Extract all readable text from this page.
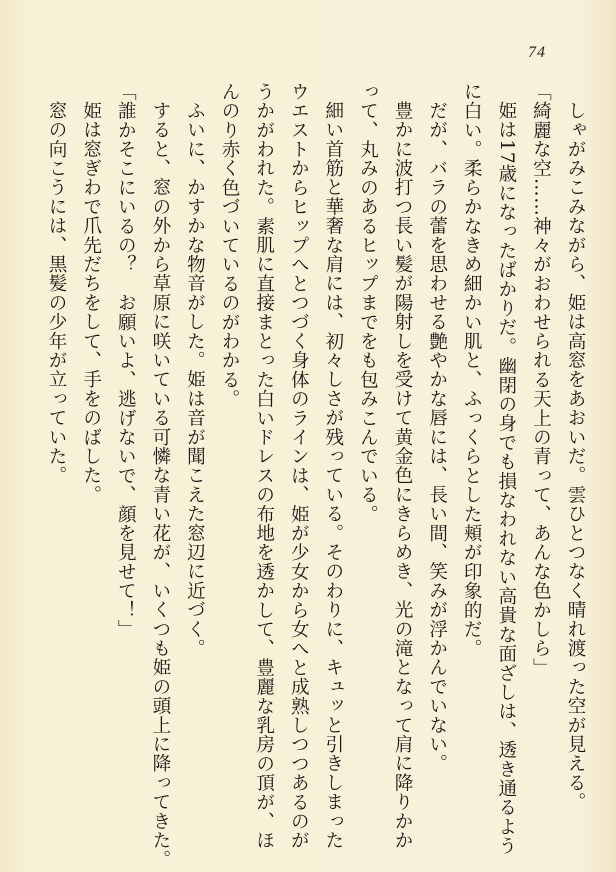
74
しゃがみこみながら、姫は高窓をあおいだ。雲ひとつなく晴れ渡った空が見える。
「綺麗な空……神々がおわせられる天上の青って、あんな色かしら」
姫は17歳になったばかりだ。幽閉の身でも損なわれない高貴な面ざしは、透き通るよう
に白い。柔らかなきめ細かい肌と、ふっくらとした頬が印象的だ。
だが、バラの蕾を思わせる艶やかな唇には、長い間、笑みが浮かんでいない。
豊かに波打つ長い髪が陽射しを受けて黄金色にきらめき、光の滝となって肩に降りかか
って、丸みのあるヒップまでをも包みこんでいる。
細い首筋と華奢な肩には、初々しさが残っている。そのわりに、キュッと引きしまった
ウエストからヒップへとつづく身体のラインは、姫が少女から女へと成熟しつつあるのが
うかがわれた。素肌に直接まとった白いドレスの布地を透かして、豊麗な乳房の頂が、ほ
んのり赤く色づいているのがわかる。
ふいに、かすかな物音がした。姫は音が聞こえた窓辺に近づく。
すると、窓の外から草原に咲いている可憐な青い花が、いくつも姫の頭上に降ってきた。
「誰かそこにいるの？　お願いよ、逃げないで、顔を見せて！」
姫は窓ぎわで爪先だちをして、手をのばした。
窓の向こうには、黒髪の少年が立っていた。
